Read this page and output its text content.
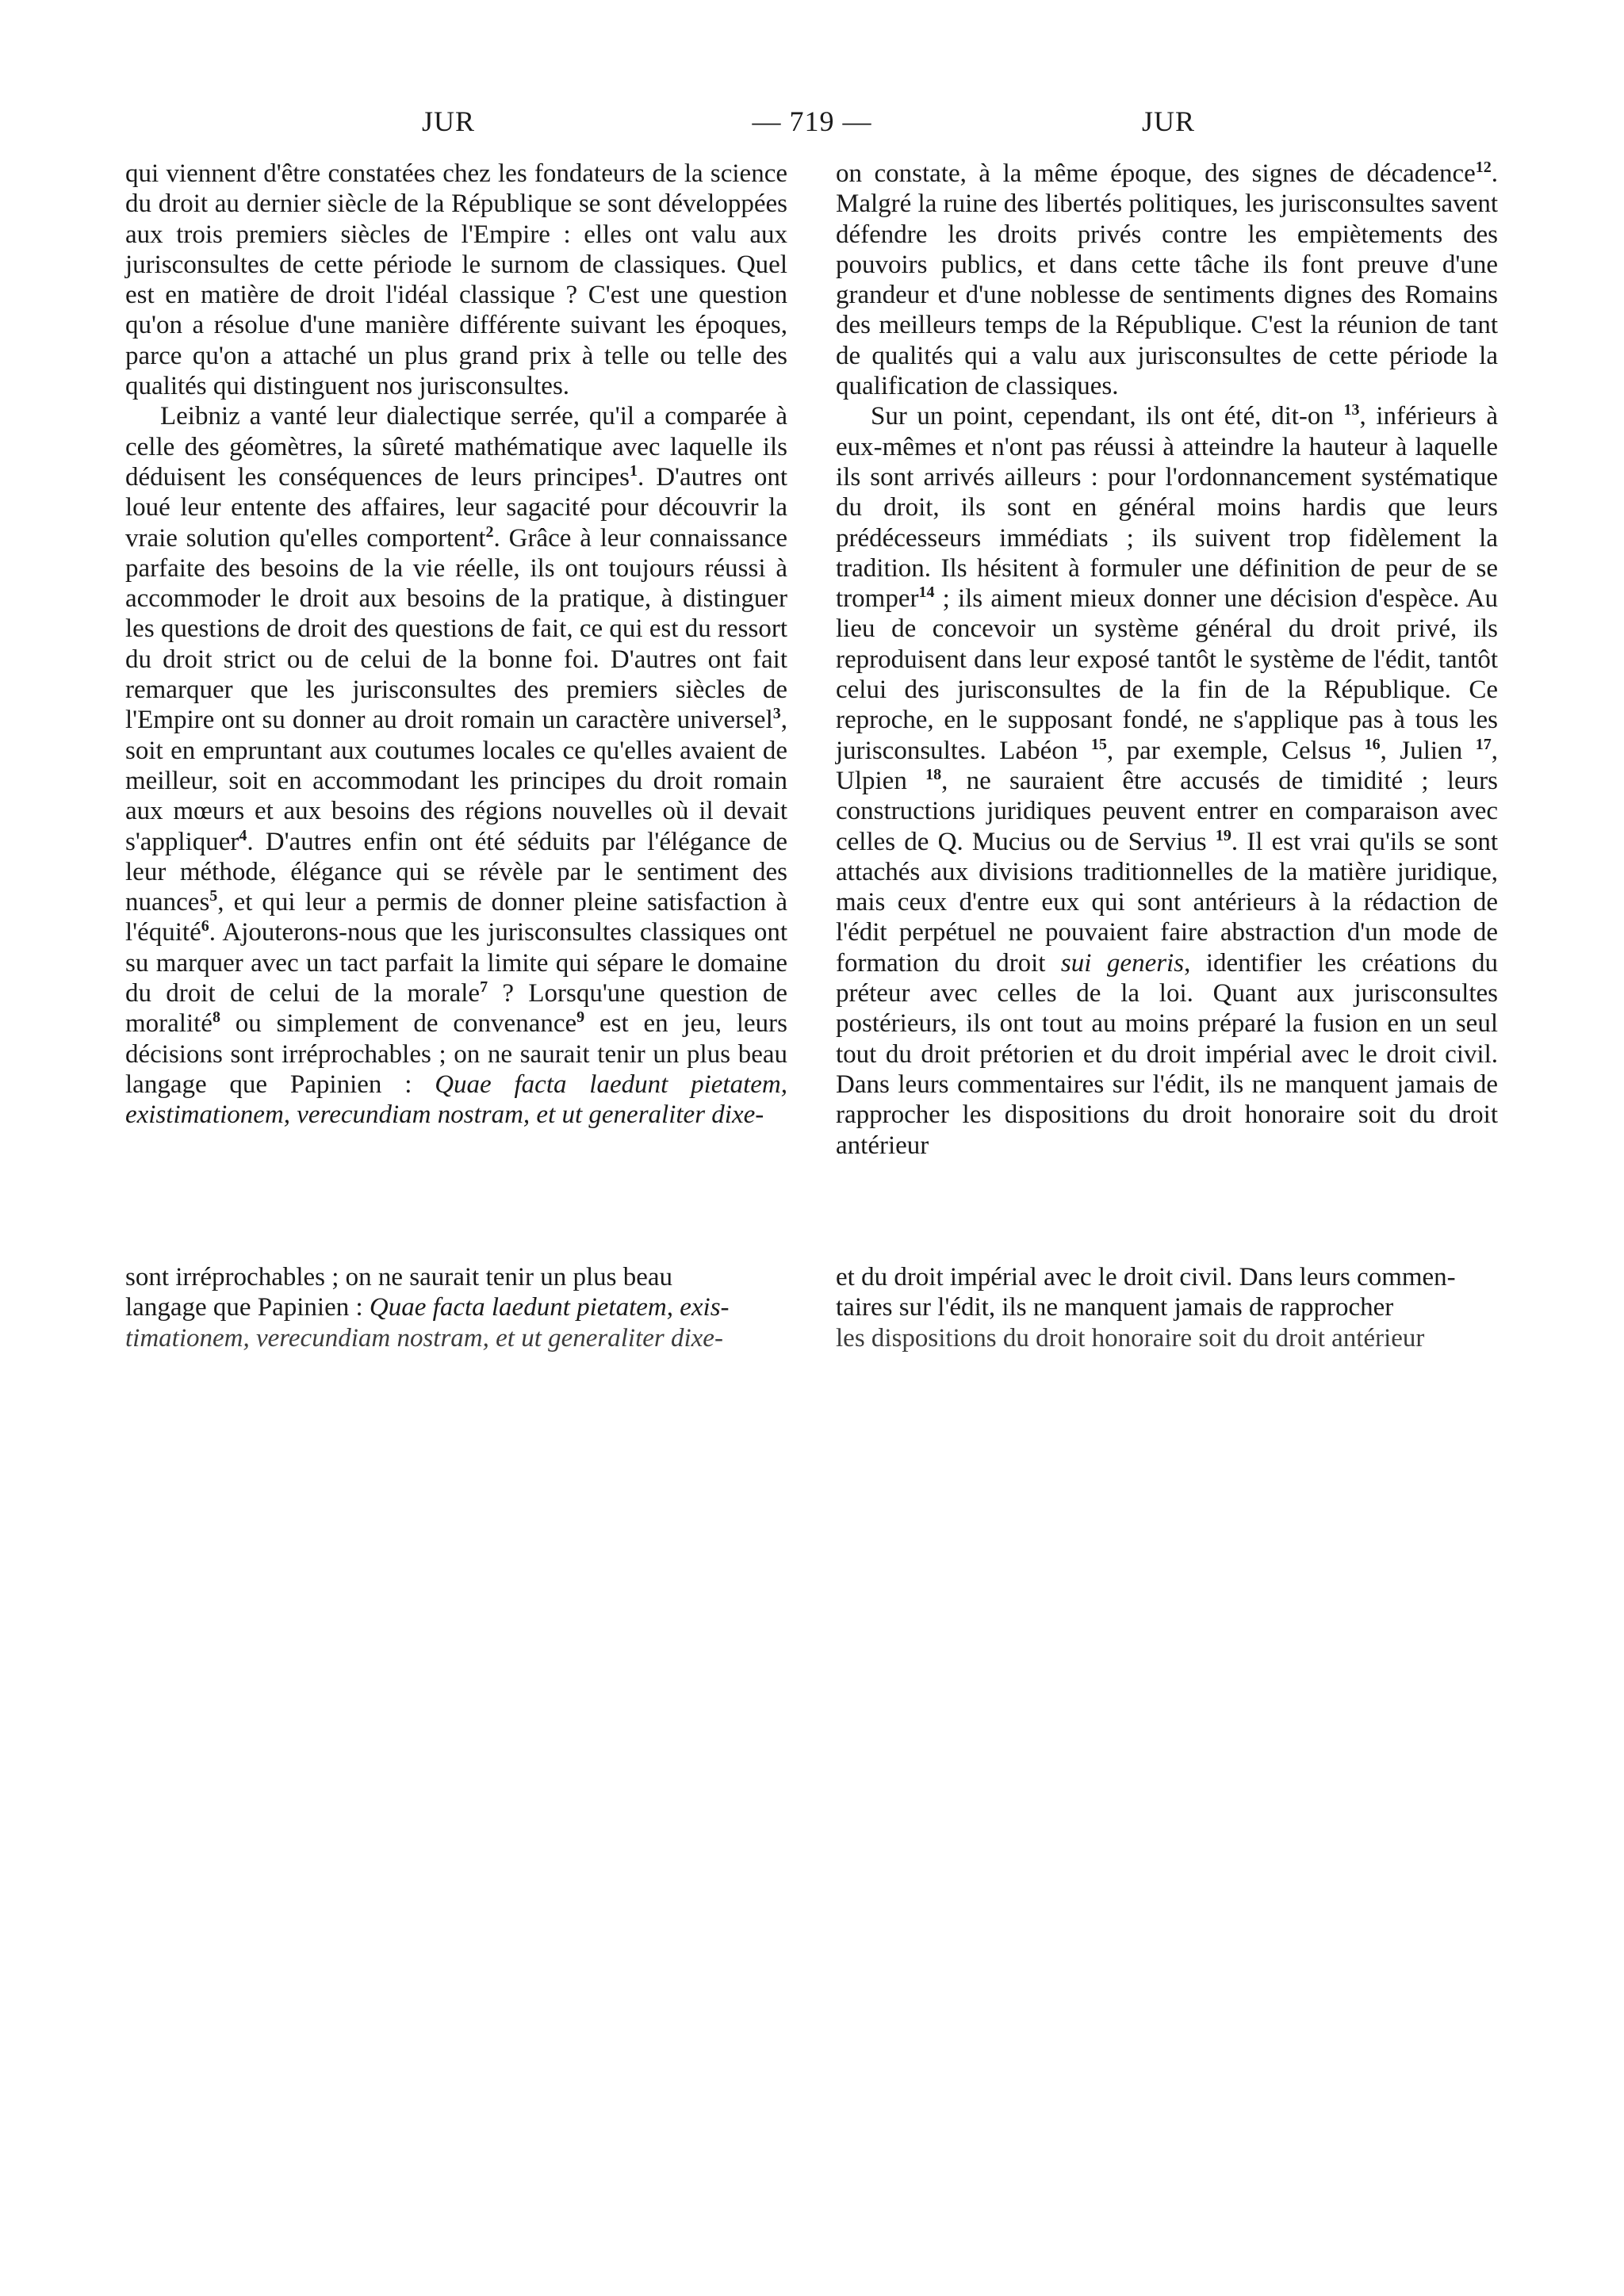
JUR	— 719 —	JUR

qui viennent d'être constatées chez les fondateurs de la science du droit au dernier siècle de la République se sont développées aux trois premiers siècles de l'Empire : elles ont valu aux jurisconsultes de cette période le surnom de classiques. Quel est en matière de droit l'idéal classique ? C'est une question qu'on a résolue d'une manière différente suivant les époques, parce qu'on a attaché un plus grand prix à telle ou telle des qualités qui distinguent nos jurisconsultes.

Leibniz a vanté leur dialectique serrée, qu'il a comparée à celle des géomètres, la sûreté mathématique avec laquelle ils déduisent les conséquences de leurs principes$^1$. D'autres ont loué leur entente des affaires, leur sagacité pour découvrir la vraie solution qu'elles comportent$^2$. Grâce à leur connaissance parfaite des besoins de la vie réelle, ils ont toujours réussi à accommoder le droit aux besoins de la pratique, à distinguer les questions de droit des questions de fait, ce qui est du ressort du droit strict ou de celui de la bonne foi. D'autres ont fait remarquer que les jurisconsultes des premiers siècles de l'Empire ont su donner au droit romain un caractère universel$^3$, soit en empruntant aux coutumes locales ce qu'elles avaient de meilleur, soit en accommodant les principes du droit romain aux mœurs et aux besoins des régions nouvelles où il devait s'appliquer$^4$. D'autres enfin ont été séduits par l'élégance de leur méthode, élégance qui se révèle par le sentiment des nuances$^5$, et qui leur a permis de donner pleine satisfaction à l'équité$^6$. Ajouterons-nous que les jurisconsultes classiques ont su marquer avec un tact parfait la limite qui sépare le domaine du droit de celui de la morale$^7$ ? Lorsqu'une question de moralité$^8$ ou simplement de convenance$^9$ est en jeu, leurs décisions sont irréprochables ; on ne saurait tenir un plus beau langage que Papinien : Quae facta laedunt pietatem, existimationem, verecundiam nostram, et ut generaliter dixe-

on constate, à la même époque, des signes de décadence$^{12}$. Malgré la ruine des libertés politiques, les jurisconsultes savent défendre les droits privés contre les empiètements des pouvoirs publics, et dans cette tâche ils font preuve d'une grandeur et d'une noblesse de sentiments dignes des Romains des meilleurs temps de la République. C'est la réunion de tant de qualités qui a valu aux jurisconsultes de cette période la qualification de classiques.

Sur un point, cependant, ils ont été, dit-on $^{13}$, inférieurs à eux-mêmes et n'ont pas réussi à atteindre la hauteur à laquelle ils sont arrivés ailleurs : pour l'ordonnancement systématique du droit, ils sont en général moins hardis que leurs prédécesseurs immédiats ; ils suivent trop fidèlement la tradition. Ils hésitent à formuler une définition de peur de se tromper$^{14}$ ; ils aiment mieux donner une décision d'espèce. Au lieu de concevoir un système général du droit privé, ils reproduisent dans leur exposé tantôt le système de l'édit, tantôt celui des jurisconsultes de la fin de la République. Ce reproche, en le supposant fondé, ne s'applique pas à tous les jurisconsultes. Labéon $^{15}$, par exemple, Celsus $^{16}$, Julien $^{17}$, Ulpien $^{18}$, ne sauraient être accusés de timidité ; leurs constructions juridiques peuvent entrer en comparaison avec celles de Q. Mucius ou de Servius $^{19}$. Il est vrai qu'ils se sont attachés aux divisions traditionnelles de la matière juridique, mais ceux d'entre eux qui sont antérieurs à la rédaction de l'édit perpétuel ne pouvaient faire abstraction d'un mode de formation du droit sui generis, identifier les créations du préteur avec celles de la loi. Quant aux jurisconsultes postérieurs, ils ont tout au moins préparé la fusion en un seul tout du droit prétorien et du droit impérial avec le droit civil. Dans leurs commentaires sur l'édit, ils ne manquent jamais de rapprocher les dispositions du droit honoraire soit du droit antérieur

sont irréprochables ; on ne saurait tenir un plus beau
langage que Papinien : Quae facta laedunt pietatem, exis-
timationem, verecundiam nostram, et ut generaliter dixe-
et du droit impérial avec le droit civil. Dans leurs commen-
taires sur l'édit, ils ne manquent jamais de rapprocher
les dispositions du droit honoraire soit du droit antérieur
